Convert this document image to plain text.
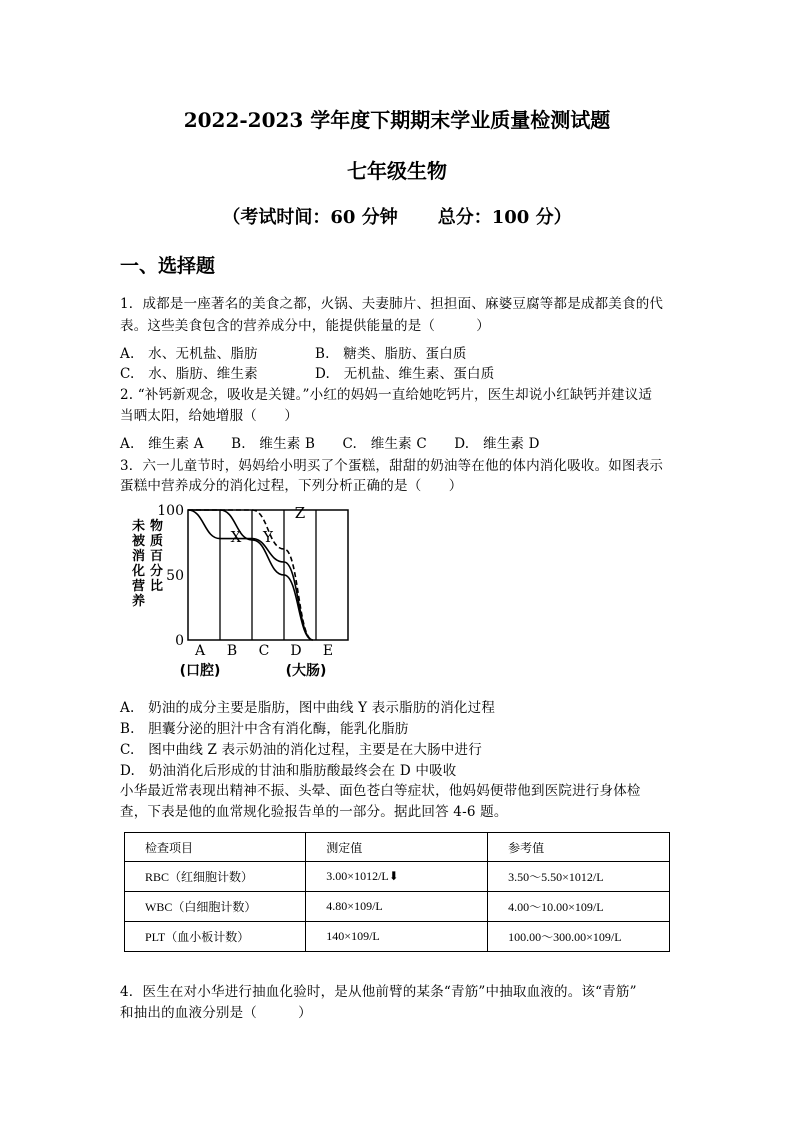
2022-2023 学年度下期期末学业质量检测试题
七年级生物
（考试时间：60 分钟 总分：100 分）
一、选择题
1．成都是一座著名的美食之都，火锅、夫妻肺片、担担面、麻婆豆腐等都是成都美食的代
表。这些美食包含的营养成分中，能提供能量的是（　　　）
A.　水、无机盐、脂肪	B.　糖类、脂肪、蛋白质
C.　水、脂肪、维生素	D.　无机盐、维生素、蛋白质
2. “补钙新观念，吸收是关键。”小红的妈妈一直给她吃钙片，医生却说小红缺钙并建议适
当晒太阳，给她增服（　　）
A.　维生素 A　　B.　维生素 B　　C.　维生素 C　　D.　维生素 D
3．六一儿童节时，妈妈给小明买了个蛋糕，甜甜的奶油等在他的体内消化吸收。如图表示
蛋糕中营养成分的消化过程，下列分析正确的是（　　）
100
50
0
未被消化营养物质百分比
A B C D E
(口腔)	(大肠)
X Y
Z
A.　奶油的成分主要是脂肪，图中曲线 Y 表示脂肪的消化过程
B.　胆囊分泌的胆汁中含有消化酶，能乳化脂肪
C.　图中曲线 Z 表示奶油的消化过程，主要是在大肠中进行
D.　奶油消化后形成的甘油和脂肪酸最终会在 D 中吸收
小华最近常表现出精神不振、头晕、面色苍白等症状，他妈妈便带他到医院进行身体检
查，下表是他的血常规化验报告单的一部分。据此回答 4-6 题。
检查项目	测定值	参考值
RBC（红细胞计数）	3.00×1012/L⬇	3.50～5.50×1012/L
WBC（白细胞计数）	4.80×109/L	4.00～10.00×109/L
PLT（血小板计数）	140×109/L	100.00～300.00×109/L
4．医生在对小华进行抽血化验时，是从他前臂的某条“青筋”中抽取血液的。该“青筋”
和抽出的血液分别是（　　　）
